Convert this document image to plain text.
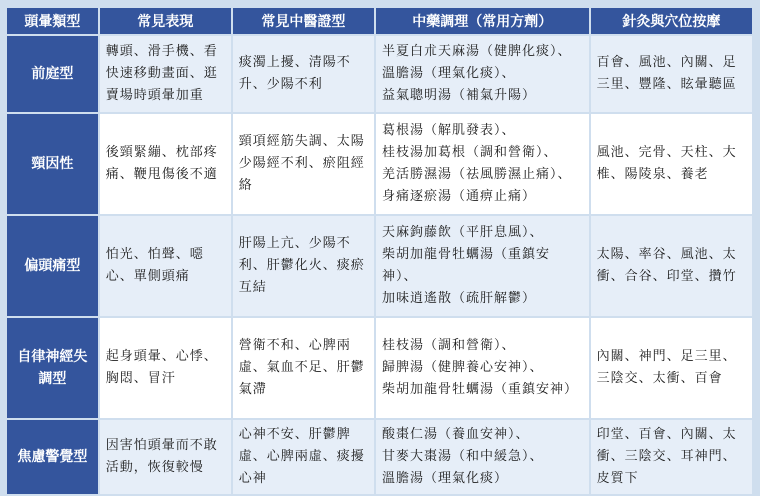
頭暈類型	常見表現	常見中醫證型	中藥調理（常用方劑）	針灸與穴位按摩
前庭型	轉頭、滑手機、看快速移動畫面、逛賣場時頭暈加重	痰濁上擾、清陽不升、少陽不利	半夏白朮天麻湯（健脾化痰）、
溫膽湯（理氣化痰）、
益氣聰明湯（補氣升陽）	百會、風池、內關、足三里、豐隆、眩暈聽區
頸因性	後頸緊繃、枕部疼痛、鞭甩傷後不適	頸項經筋失調、太陽少陽經不利、瘀阻經絡	葛根湯（解肌發表）、
桂枝湯加葛根（調和營衛）、
羌活勝濕湯（祛風勝濕止痛）、
身痛逐瘀湯（通痹止痛）	風池、完骨、天柱、大椎、陽陵泉、養老
偏頭痛型	怕光、怕聲、噁心、單側頭痛	肝陽上亢、少陽不利、肝鬱化火、痰瘀互結	天麻鉤藤飲（平肝息風）、
柴胡加龍骨牡蠣湯（重鎮安神）、
加味逍遙散（疏肝解鬱）	太陽、率谷、風池、太衝、合谷、印堂、攢竹
自律神經失調型	起身頭暈、心悸、胸悶、冒汗	營衛不和、心脾兩虛、氣血不足、肝鬱氣滯	桂枝湯（調和營衛）、
歸脾湯（健脾養心安神）、
柴胡加龍骨牡蠣湯（重鎮安神）	內關、神門、足三里、三陰交、太衝、百會
焦慮警覺型	因害怕頭暈而不敢活動，恢復較慢	心神不安、肝鬱脾虛、心脾兩虛、痰擾心神	酸棗仁湯（養血安神）、
甘麥大棗湯（和中緩急）、
溫膽湯（理氣化痰）	印堂、百會、內關、太衝、三陰交、耳神門、皮質下
